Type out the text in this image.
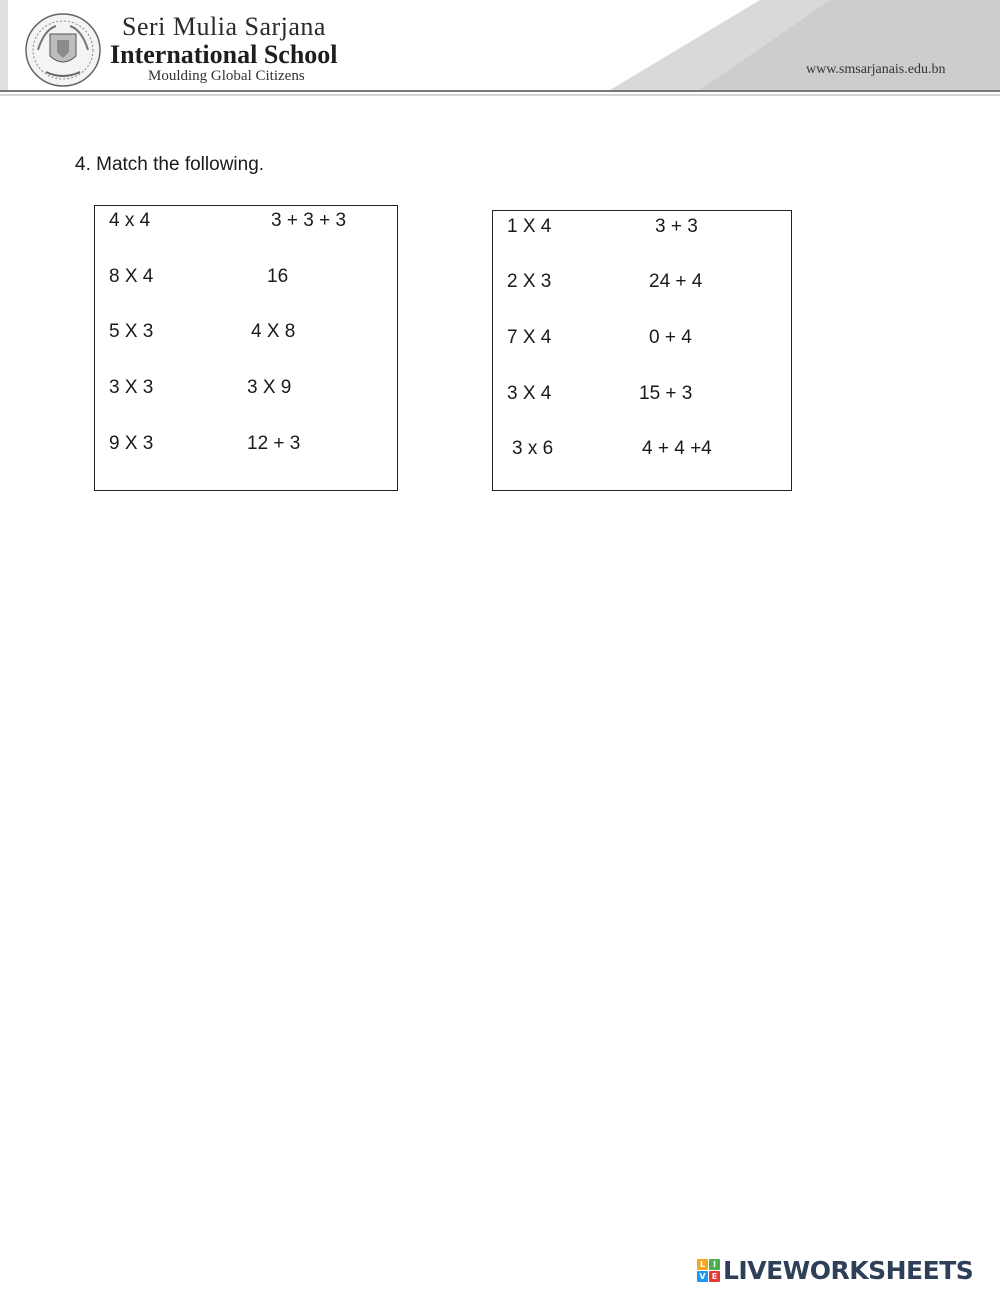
Seri Mulia Sarjana
International School
Moulding Global Citizens	www.smsarjanais.edu.bn
4. Match the following.
4 x 4	3 + 3 + 3
8 X 4	16
5 X 3	4 X 8
3 X 3	3 X 9
9 X 3	12 + 3
1 X 4	3 + 3
2 X 3	24 + 4
7 X 4	0 + 4
3 X 4	15 + 3
3 x 6	4 + 4 +4
L I
V E LIVEWORKSHEETS
